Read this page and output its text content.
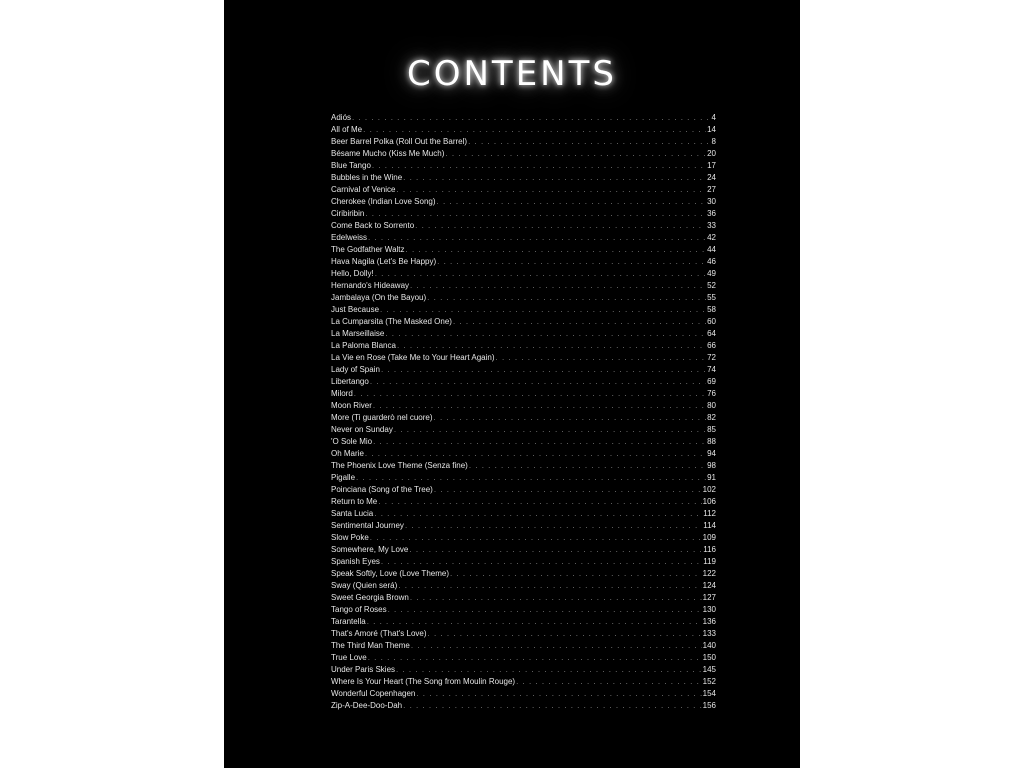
CONTENTS
Adiós . . .	4
All of Me . . .	14
Beer Barrel Polka (Roll Out the Barrel) . . .	8
Bésame Mucho (Kiss Me Much) . . .	20
Blue Tango . . .	17
Bubbles in the Wine . . .	24
Carnival of Venice . . .	27
Cherokee (Indian Love Song) . . .	30
Ciribiribin . . .	36
Come Back to Sorrento . . .	33
Edelweiss . . .	42
The Godfather Waltz . . .	44
Hava Nagila (Let's Be Happy) . . .	46
Hello, Dolly! . . .	49
Hernando's Hideaway . . .	52
Jambalaya (On the Bayou) . . .	55
Just Because . . .	58
La Cumparsita (The Masked One) . . .	60
La Marseillaise . . .	64
La Paloma Blanca . . .	66
La Vie en Rose (Take Me to Your Heart Again) . . .	72
Lady of Spain . . .	74
Libertango . . .	69
Milord . . .	76
Moon River . . .	80
More (Ti guarderò nel cuore) . . .	82
Never on Sunday . . .	85
'O Sole Mio . . .	88
Oh Marie . . .	94
The Phoenix Love Theme (Senza fine) . . .	98
Pigalle . . .	91
Poinciana (Song of the Tree) . . .	102
Return to Me . . .	106
Santa Lucia . . .	112
Sentimental Journey . . .	114
Slow Poke . . .	109
Somewhere, My Love . . .	116
Spanish Eyes . . .	119
Speak Softly, Love (Love Theme) . . .	122
Sway (Quien será) . . .	124
Sweet Georgia Brown . . .	127
Tango of Roses . . .	130
Tarantella . . .	136
That's Amoré (That's Love) . . .	133
The Third Man Theme . . .	140
True Love . . .	150
Under Paris Skies . . .	145
Where Is Your Heart (The Song from Moulin Rouge) . . .	152
Wonderful Copenhagen . . .	154
Zip-A-Dee-Doo-Dah . . .	156
